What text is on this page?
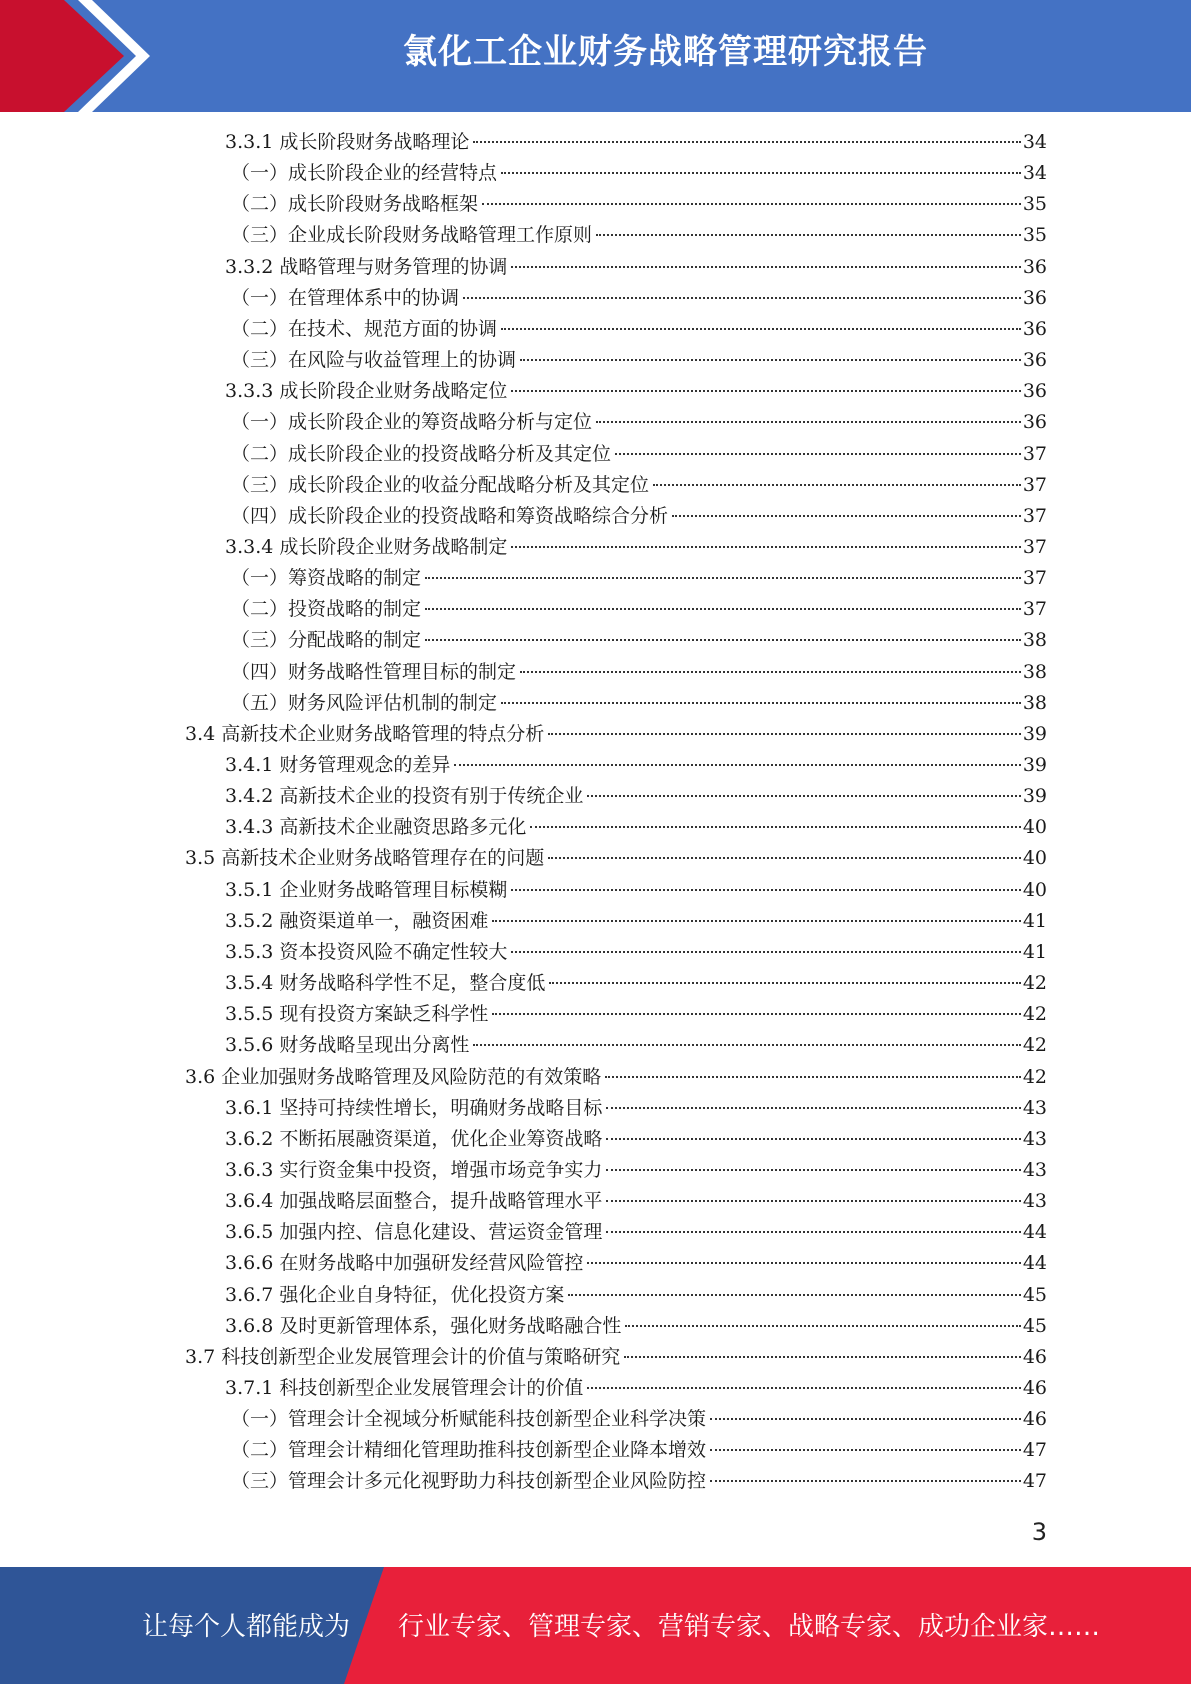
氯化工企业财务战略管理研究报告
3.3.1 成长阶段财务战略理论	34
（一）成长阶段企业的经营特点	34
（二）成长阶段财务战略框架	35
（三）企业成长阶段财务战略管理工作原则	35
3.3.2 战略管理与财务管理的协调	36
（一）在管理体系中的协调	36
（二）在技术、规范方面的协调	36
（三）在风险与收益管理上的协调	36
3.3.3 成长阶段企业财务战略定位	36
（一）成长阶段企业的筹资战略分析与定位	36
（二）成长阶段企业的投资战略分析及其定位	37
（三）成长阶段企业的收益分配战略分析及其定位	37
（四）成长阶段企业的投资战略和筹资战略综合分析	37
3.3.4 成长阶段企业财务战略制定	37
（一）筹资战略的制定	37
（二）投资战略的制定	37
（三）分配战略的制定	38
（四）财务战略性管理目标的制定	38
（五）财务风险评估机制的制定	38
3.4 高新技术企业财务战略管理的特点分析	39
3.4.1 财务管理观念的差异	39
3.4.2 高新技术企业的投资有别于传统企业	39
3.4.3 高新技术企业融资思路多元化	40
3.5 高新技术企业财务战略管理存在的问题	40
3.5.1 企业财务战略管理目标模糊	40
3.5.2 融资渠道单一，融资困难	41
3.5.3 资本投资风险不确定性较大	41
3.5.4 财务战略科学性不足，整合度低	42
3.5.5 现有投资方案缺乏科学性	42
3.5.6 财务战略呈现出分离性	42
3.6 企业加强财务战略管理及风险防范的有效策略	42
3.6.1 坚持可持续性增长，明确财务战略目标	43
3.6.2 不断拓展融资渠道，优化企业筹资战略	43
3.6.3 实行资金集中投资，增强市场竞争实力	43
3.6.4 加强战略层面整合，提升战略管理水平	43
3.6.5 加强内控、信息化建设、营运资金管理	44
3.6.6 在财务战略中加强研发经营风险管控	44
3.6.7 强化企业自身特征，优化投资方案	45
3.6.8 及时更新管理体系，强化财务战略融合性	45
3.7 科技创新型企业发展管理会计的价值与策略研究	46
3.7.1 科技创新型企业发展管理会计的价值	46
（一）管理会计全视域分析赋能科技创新型企业科学决策	46
（二）管理会计精细化管理助推科技创新型企业降本增效	47
（三）管理会计多元化视野助力科技创新型企业风险防控	47
3
让每个人都能成为 行业专家、管理专家、营销专家、战略专家、成功企业家……
